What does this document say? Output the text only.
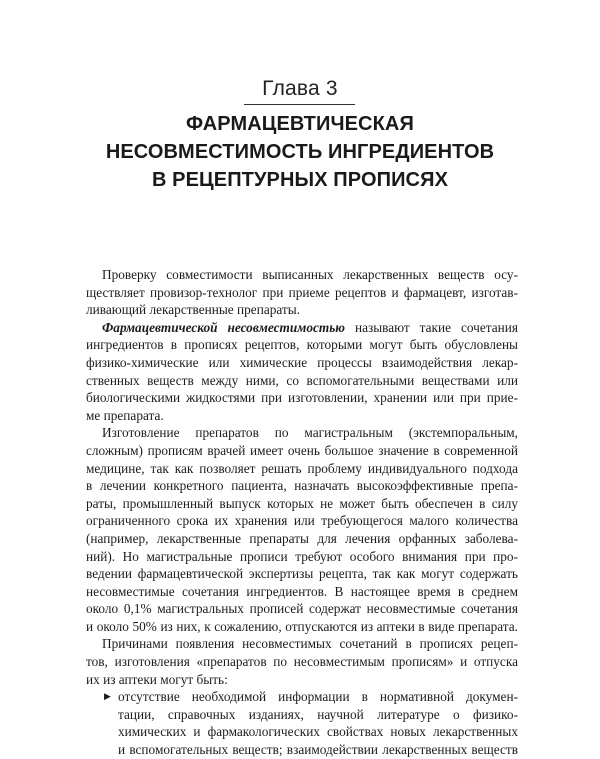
Глава 3
ФАРМАЦЕВТИЧЕСКАЯ
НЕСОВМЕСТИМОСТЬ ИНГРЕДИЕНТОВ
В РЕЦЕПТУРНЫХ ПРОПИСЯХ
Проверку совместимости выписанных лекарственных веществ осу-
ществляет провизор-технолог при приеме рецептов и фармацевт, изготав-
ливающий лекарственные препараты.
Фармацевтической несовместимостью называют такие сочетания
ингредиентов в прописях рецептов, которыми могут быть обусловлены
физико-химические или химические процессы взаимодействия лекар-
ственных веществ между ними, со вспомогательными веществами или
биологическими жидкостями при изготовлении, хранении или при прие-
ме препарата.
Изготовление препаратов по магистральным (экстемпоральным,
сложным) прописям врачей имеет очень большое значение в современной
медицине, так как позволяет решать проблему индивидуального подхода
в лечении конкретного пациента, назначать высокоэффективные препа-
раты, промышленный выпуск которых не может быть обеспечен в силу
ограниченного срока их хранения или требующегося малого количества
(например, лекарственные препараты для лечения орфанных заболева-
ний). Но магистральные прописи требуют особого внимания при про-
ведении фармацевтической экспертизы рецепта, так как могут содержать
несовместимые сочетания ингредиентов. В настоящее время в среднем
около 0,1% магистральных прописей содержат несовместимые сочетания
и около 50% из них, к сожалению, отпускаются из аптеки в виде препарата.
Причинами появления несовместимых сочетаний в прописях рецеп-
тов, изготовления «препаратов по несовместимым прописям» и отпуска
их из аптеки могут быть:
▶ отсутствие необходимой информации в нормативной докумен-
тации, справочных изданиях, научной литературе о физико-
химических и фармакологических свойствах новых лекарственных
и вспомогательных веществ; взаимодействии лекарственных веществ
